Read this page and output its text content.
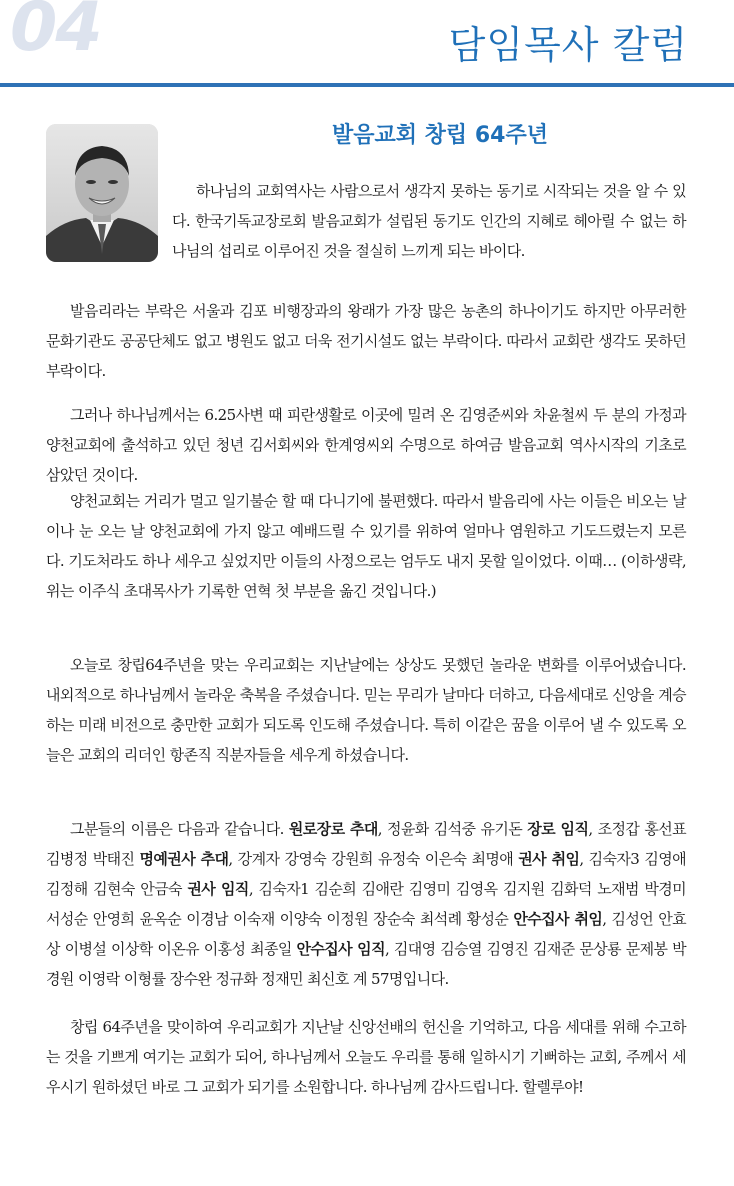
04	담임목사 칼럼
발음교회 창립 64주년

하나님의 교회역사는 사람으로서 생각지 못하는 동기로 시작되는 것을 알 수 있다. 한국기독교장로회 발음교회가 설립된 동기도 인간의 지혜로 헤아릴 수 없는 하나님의 섭리로 이루어진 것을 절실히 느끼게 되는 바이다.

발음리라는 부락은 서울과 김포 비행장과의 왕래가 가장 많은 농촌의 하나이기도 하지만 아무러한 문화기관도 공공단체도 없고 병원도 없고 더욱 전기시설도 없는 부락이다. 따라서 교회란 생각도 못하던 부락이다.

그러나 하나님께서는 6.25사변 때 피란생활로 이곳에 밀려 온 김영준씨와 차윤철씨 두 분의 가정과 양천교회에 출석하고 있던 청년 김서회씨와 한계영씨외 수명으로 하여금 발음교회 역사시작의 기초로 삼았던 것이다.

양천교회는 거리가 멀고 일기불순 할 때 다니기에 불편했다. 따라서 발음리에 사는 이들은 비오는 날이나 눈 오는 날 양천교회에 가지 않고 예배드릴 수 있기를 위하여 얼마나 염원하고 기도드렸는지 모른다. 기도처라도 하나 세우고 싶었지만 이들의 사정으로는 엄두도 내지 못할 일이었다. 이때… (이하생략, 위는 이주식 초대목사가 기록한 연혁 첫 부분을 옮긴 것입니다.)

오늘로 창립64주년을 맞는 우리교회는 지난날에는 상상도 못했던 놀라운 변화를 이루어냈습니다. 내외적으로 하나님께서 놀라운 축복을 주셨습니다. 믿는 무리가 날마다 더하고, 다음세대로 신앙을 계승하는 미래 비전으로 충만한 교회가 되도록 인도해 주셨습니다. 특히 이같은 꿈을 이루어 낼 수 있도록 오늘은 교회의 리더인 항존직 직분자들을 세우게 하셨습니다.

그분들의 이름은 다음과 같습니다. 원로장로 추대, 정윤화 김석중 유기돈 장로 임직, 조정갑 홍선표 김병정 박태진 명예권사 추대, 강계자 강영숙 강원희 유정숙 이은숙 최명애 권사 취임, 김숙자3 김영애 김정해 김현숙 안금숙 권사 임직, 김숙자1 김순희 김애란 김영미 김영옥 김지원 김화덕 노재범 박경미 서성순 안영희 윤옥순 이경남 이숙재 이양숙 이정원 장순숙 최석례 황성순 안수집사 취임, 김성언 안효상 이병설 이상학 이온유 이홍성 최종일 안수집사 임직, 김대영 김승열 김영진 김재준 문상룡 문제봉 박경원 이영락 이형률 장수완 정규화 정재민 최신호 계 57명입니다.

창립 64주년을 맞이하여 우리교회가 지난날 신앙선배의 헌신을 기억하고, 다음 세대를 위해 수고하는 것을 기쁘게 여기는 교회가 되어, 하나님께서 오늘도 우리를 통해 일하시기 기뻐하는 교회, 주께서 세우시기 원하셨던 바로 그 교회가 되기를 소원합니다. 하나님께 감사드립니다. 할렐루야!
